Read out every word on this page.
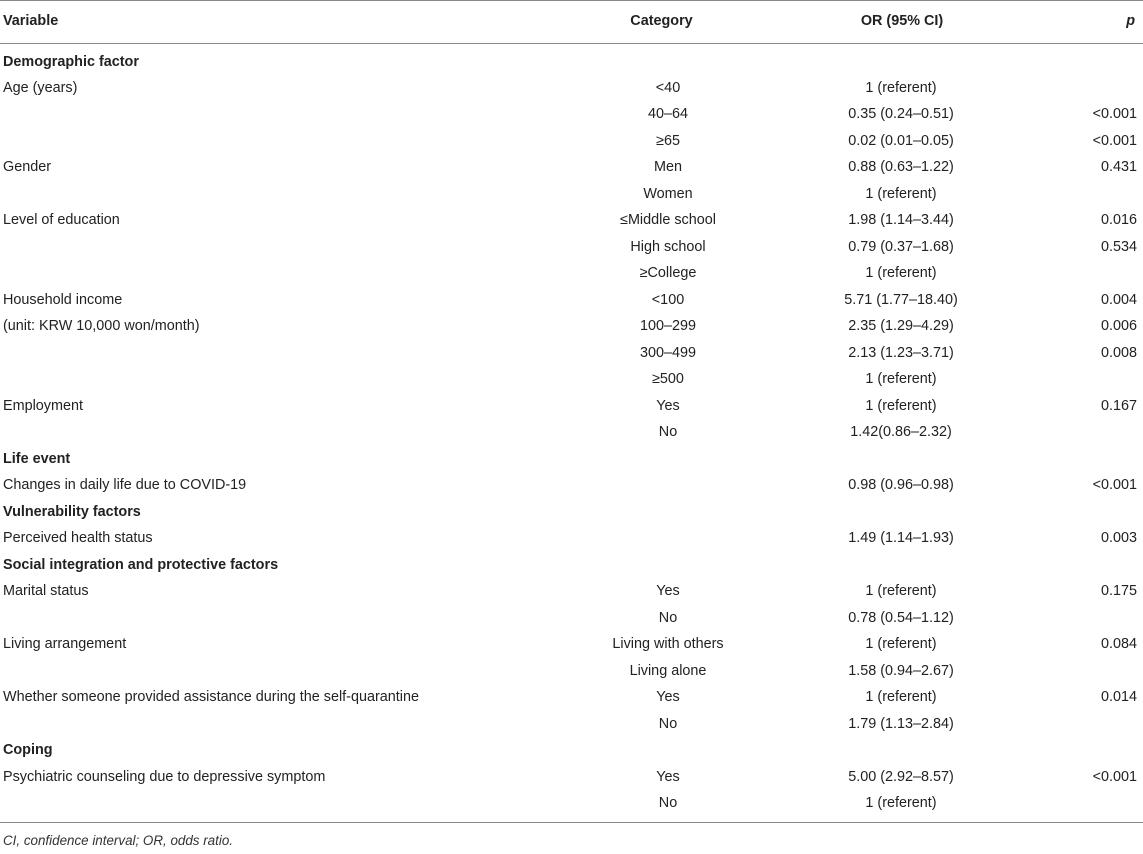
Variable	Category	OR (95% CI)	p
Demographic factor			
Age (years)	<40	1 (referent)	
	40–64	0.35 (0.24–0.51)	<0.001
	≥65	0.02 (0.01–0.05)	<0.001
Gender	Men	0.88 (0.63–1.22)	0.431
	Women	1 (referent)	
Level of education	≤Middle school	1.98 (1.14–3.44)	0.016
	High school	0.79 (0.37–1.68)	0.534
	≥College	1 (referent)	
Household income	<100	5.71 (1.77–18.40)	0.004
(unit: KRW 10,000 won/month)	100–299	2.35 (1.29–4.29)	0.006
	300–499	2.13 (1.23–3.71)	0.008
	≥500	1 (referent)	
Employment	Yes	1 (referent)	0.167
	No	1.42(0.86–2.32)	
Life event			
Changes in daily life due to COVID-19		0.98 (0.96–0.98)	<0.001
Vulnerability factors			
Perceived health status		1.49 (1.14–1.93)	0.003
Social integration and protective factors			
Marital status	Yes	1 (referent)	0.175
	No	0.78 (0.54–1.12)	
Living arrangement	Living with others	1 (referent)	0.084
	Living alone	1.58 (0.94–2.67)	
Whether someone provided assistance during the self-quarantine	Yes	1 (referent)	0.014
	No	1.79 (1.13–2.84)	
Coping			
Psychiatric counseling due to depressive symptom	Yes	5.00 (2.92–8.57)	<0.001
	No	1 (referent)	
CI, confidence interval; OR, odds ratio.
